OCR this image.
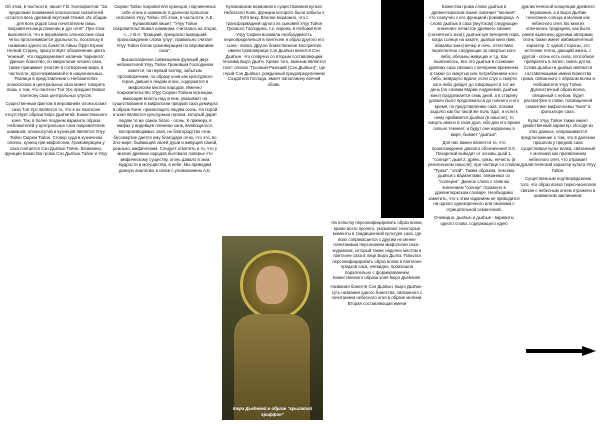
Об этом, в частности, пишет Г.В. Ксенофонтов: "За пределами понимания олонхосских сказителей остается весь древний якутский Олимп. Их общим для всех родов саха почитателем лишь покровительница рожениц и дух огня". При этом выясняется, что в верованиях олонхосских саха четко прослеживается дуальность, поскольку в названии одного из божеств Айыы Ӧрӱн Юрюнг Нелкэй Старец, присутствует обозначение цвета 'нежный', что подразумевает наличие 'варианта'. Данное божество, по мифологии олонхо саха, также принимает участие в сотворении мира, в частности, прослеживаемой и в национальных. Разница в представлении о Небожителях олонхосских и центральных саха может говорить лишь о том, что пантеон Тэҥ Урс предшествовал пантеону саха центральных улусов.

Существенным фактом в верованиях олонхосских саха Тэҥ Урс является то, что в их пантеоне отсутствует образа Кюрэ Дьөһөгөй. Божественного коня. Так, в более позднем варианте образа Небожителей у центральных саха покровителем шаманов, олонхосутов и кузнецов является Улуу Тойон Сюрюн Тойон. Сговор суда в кузнечном олонхо, кузнец при мифологии, Громовержцем у саха считается Сэн Дьаһын Тойон. Возможно, функции Божества грома Сэн Дьаһын Тойон и Улуу

Сюрюн Тойон покровителя кузнецов, подчиненных себе огонь и шаманов, в далеком прошлом исполнял Улуу Тойон. Об этом, в частности, А.Е. Кулаковский пишет: "Улуу Тойон покровительствовал шаманам, считалась их отцом, <...> В.Н. Троицкий, прекрасно выведший происхождение слова 'улуу', правильно считает Улуу Тойон богом громовержцем по верованиям саха".

Вышесказанное совмещение функций двух небожителей Улуу Тойон Громовым Господином кажется, на первый взгляд, забытым противоречием, по образу коня как культурного героя, давшего людям огонь, содержится в мифологии многих народов. Именно покровительство Улуу Сюрюн Тойона кузнецам, имеющим власть над огнем, указывает на существование в мифологии предков саха демиурга в образе Коня, приносящего людям огонь. Но порой и коня являются культурным героем, который дарит людям то же самое благо - огонь. К примеру, в мифах у индейцев племени ханк, являющегося, воспроизводимых злая, не благородство огни, бессмертие дается ему благодаря огню, что это, во Зло-мире, бывающей своей души и живущей самой, реально, мифическим. Следует отметить и то, что у многих древних народов бытовало поверье что мифическому существу, огонь давало в знак мудрости и могущества, в небе. Мы приводим данную аналогию в связи с упоминанием А.Е.

Кулаковским возможного существования культа Небесного Коня, функции которого были забыты к XVIII веку. Вполне возможно, что с трансформацией одного из сыновей Улуу Тойон Грозного Господина, т.е. ворона, в Небожителя Улуу Сюрюн возникла необходимость переопределиться в пантеоне и образ другого его сына - волка. Другое божественное восприятие имени громовержца Сэн Дьаһын валится Сэн Дьаһын, что созвучно со вторым составляющим теонима Бырэ Дьэһэ. Кроме того, важным является текст олонхо "Грозный-Разящий (Сэн Дьаһын)", где герой Сэн Дьаһын, рожденный предопределением Создателя Господа, имеет наполовину волчий облик.

Кюрэ Дьөһөгөй в образе "крылатой гриффон"

На попытку персонифицировать образ волка, кроме всего прочего, указывают некоторые моменты в традиционной культуре саха, где волк соприкасается с другим не менее почитаемым персонажем мифологии саха - журавлем, который также наделен местом в пантеоне саха в лице Бырэ Дьэһэ. Попытка персонифицировать образ волка в пантеоне предков саха, очевидно, произошла параллельно с формированием Божественного образа коня Кюрэ Дьөһөгөй.

Названия божеств Сэн Дьаһын, Бырэ Дьэһик - суть названия одного божества, связанного с почитанием небесного огня в образе молнии. Вторая составляющая имени

Божества грома слово дьаһык в древнетюркском языке означает "молния", что созвучно с его функцией громовержца. А слово дьаһык в саха (якутском) следующие значения: нечистое древнего сияния (солнечного знои); дьаһык кун вечерняя пора, когда солнце на закате; дьаһык кинэ (вив. абаааһы кинэ) вечер и ночь, отчетливо переплетено следующие за смертью кого-либо, обезьны живущих и т.д. Как выяснилось, все это дьаһык в сознании древних саха связано с вечерним временем, а также со смертью или потреблением кого-либо, живущего вдали, если слух о смерти кого-либо дойдет до говорящего в тот же день (по словам Марии Андреевой, дьаһык кинэ) продолжается семь дней, а в старину должен было продолжаться до полного и его время, по представлению саха, похожа задолго как бы такой же поль 'ада', и если к нему прибавится дьаһык (в смысле), то смерть имело в злом духе, ибо дни его время сильно темнеет, и будут они нарушены в мире, бывает "дьаһык".

Для нас важен является то, что происхождение данного обозначения Э.К. Пекарский выводит от основы дьай 1. "солнце"; дьай 2. дрянь, грязь, нечисть (в религиозном смысле); при частице со словом "Тунах", "злой". Таким образом, лексема дьаһык с вариантами, связанных со "солнцем". Данное слово с этим же значением "солнце" отражено в древнетюркском словаре. Необходимо заметить, что к этим изданиям не приводится ни одного однокоренного или омонима с отрицательной семантикой.

Очевидно, дьаһын и дьаһык - варианты одного слова, содержащего идею

дуалистической концепции древнего верования, а в Бырэ Дьэһик почитание солнца и молнии как небесного огня. Во многих этнических традициях, как было ранее выяснено другими авторами, огонь также имеет амбивалентный характер. С одной стороны, это источник тепла, дающий жизнь, с другой - огонь есть сила, способная превратить в пепел, сжечь дотла. Слова дьаһын и дьаһык являются составляющими имени Божества грома, связанного с образом волка и Небожителя Улуу Тойон. Дуалистичный образ волка, связанный с небом, будет рассмотрен в главе, посвященной семантике мифологемы "волк" в фольклоре саха.

Культ Улуу Тойон также имеет двойственный характер. Исходя из этих данных, напрашивается предположение о том, что в далеком прошлом у предков саха существовал культ волка, связанный с молнией как проявлением небесного огня, что отражает дуалистический характер культа Улуу Тойон.

Существенным подтверждением того, что образ волка тюрко-монголов связан с небесным огнем отражено в шаманском заклинании:
